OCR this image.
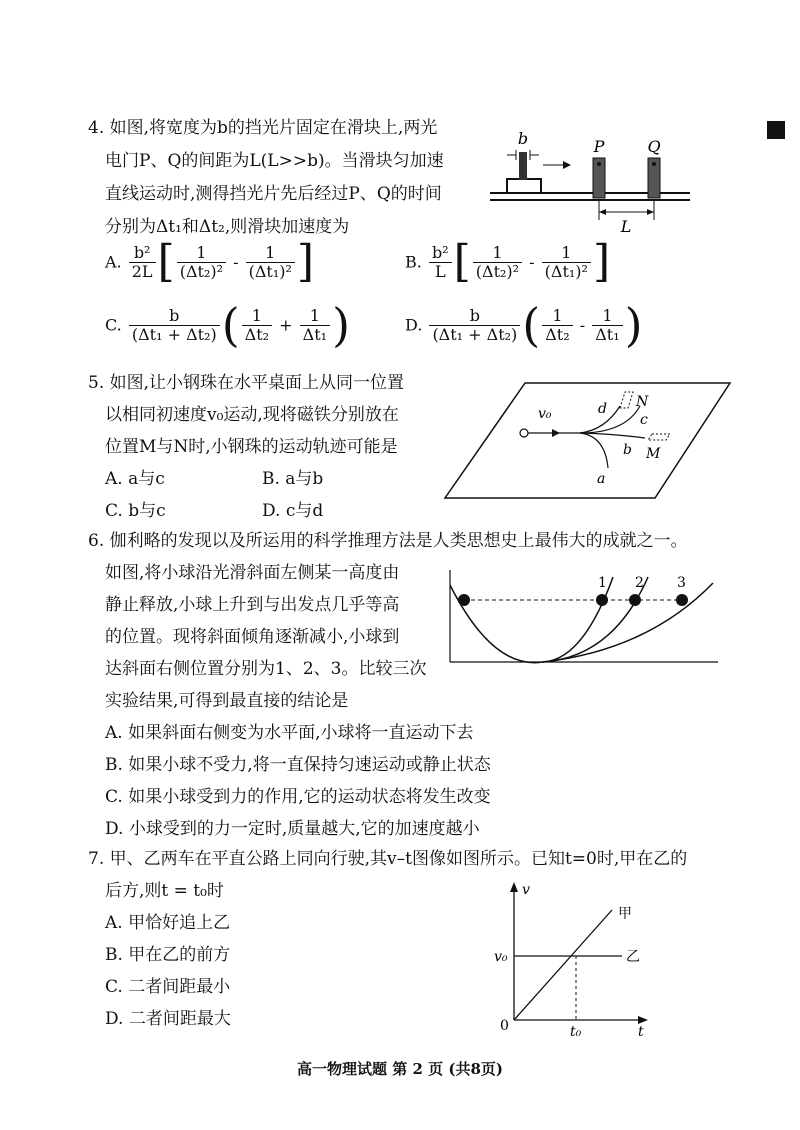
4. 如图,将宽度为b的挡光片固定在滑块上,两光
电门P、Q的间距为L(L>>b)。当滑块匀加速
直线运动时,测得挡光片先后经过P、Q的时间
分别为Δt₁和Δt₂,则滑块加速度为
b	P	Q
L
A. $\frac{\text{b²}}{2L}$ [ $\frac{1}{\text{(Δt₂)²}} - \frac{1}{\text{(Δt₁)²}}$ ]	B. $\frac{\text{b²}}{L}$ [ $\frac{1}{\text{(Δt₂)²}} - \frac{1}{\text{(Δt₁)²}}$ ]
C. $\frac{b}{\text{(Δt₁ + Δt₂)}}$ ( $\frac{1}{\text{Δt₂}} + \frac{1}{\text{Δt₁}}$ )	D. $\frac{b}{\text{(Δt₁ + Δt₂)}}$ ( $\frac{1}{\text{Δt₂}} - \frac{1}{\text{Δt₁}}$ )
5. 如图,让小钢珠在水平桌面上从同一位置
以相同初速度v₀运动,现将磁铁分别放在
位置M与N时,小钢珠的运动轨迹可能是
A. a与c	B. a与b
C. b与c	D. c与d
v₀	d
c
b
a
N
M
6. 伽利略的发现以及所运用的科学推理方法是人类思想史上最伟大的成就之一。
如图,将小球沿光滑斜面左侧某一高度由
静止释放,小球上升到与出发点几乎等高
的位置。现将斜面倾角逐渐减小,小球到
达斜面右侧位置分别为1、2、3。比较三次
实验结果,可得到最直接的结论是
A. 如果斜面右侧变为水平面,小球将一直运动下去
B. 如果小球不受力,将一直保持匀速运动或静止状态
C. 如果小球受到力的作用,它的运动状态将发生改变
D. 小球受到的力一定时,质量越大,它的加速度越小
1 2 3
7. 甲、乙两车在平直公路上同向行驶,其v–t图像如图所示。已知t=0时,甲在乙的
后方,则t = t₀时
A. 甲恰好追上乙
B. 甲在乙的前方
C. 二者间距最小
D. 二者间距最大
v
t
0
v₀
t₀
甲
乙
高一物理试题 第 2 页 (共8页)
